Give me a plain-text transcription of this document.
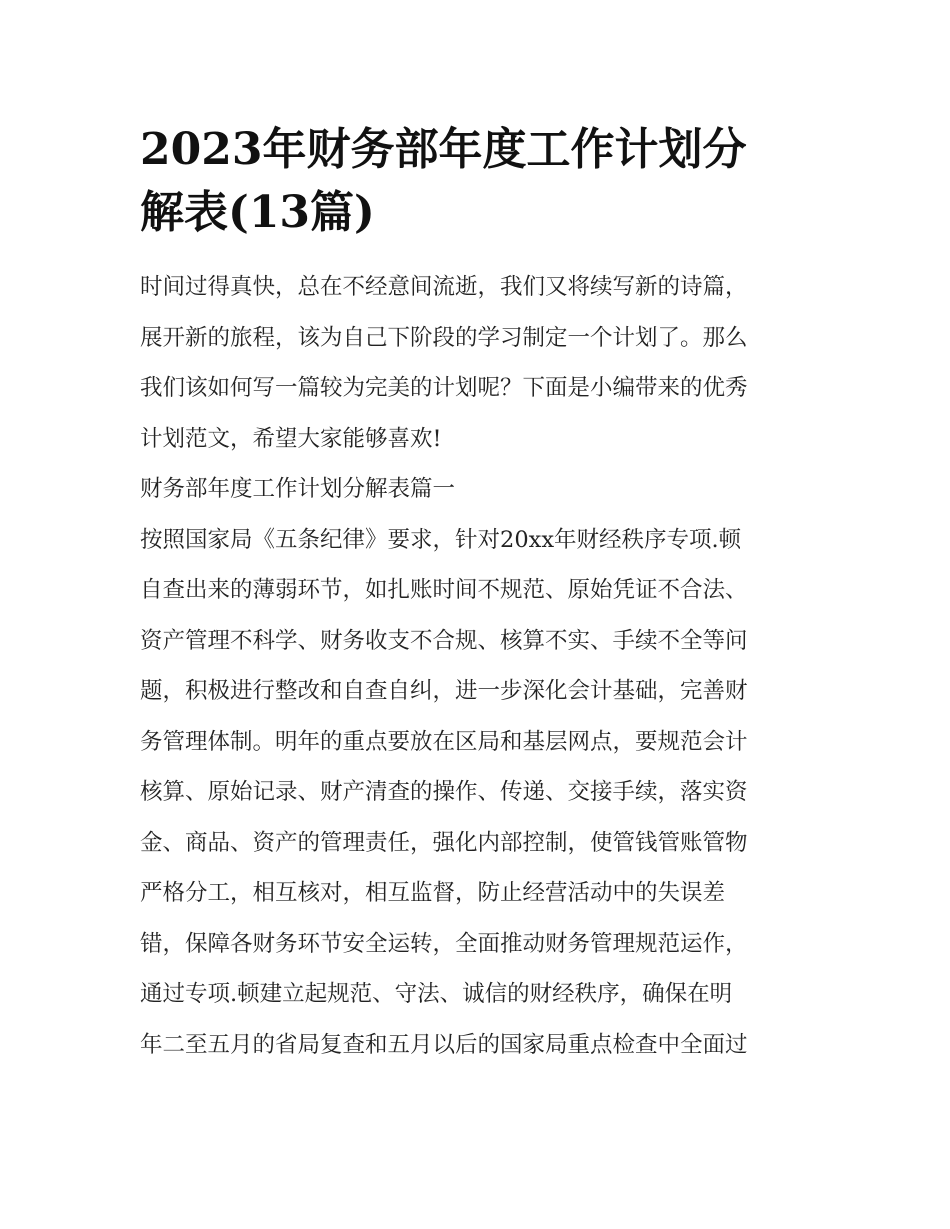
2023年财务部年度工作计划分
解表(13篇)
时间过得真快，总在不经意间流逝，我们又将续写新的诗篇，
展开新的旅程，该为自己下阶段的学习制定一个计划了。那么
我们该如何写一篇较为完美的计划呢？下面是小编带来的优秀
计划范文，希望大家能够喜欢!
财务部年度工作计划分解表篇一
按照国家局《五条纪律》要求，针对20xx年财经秩序专项.顿
自查出来的薄弱环节，如扎账时间不规范、原始凭证不合法、
资产管理不科学、财务收支不合规、核算不实、手续不全等问
题，积极进行整改和自查自纠，进一步深化会计基础，完善财
务管理体制。明年的重点要放在区局和基层网点，要规范会计
核算、原始记录、财产清查的操作、传递、交接手续，落实资
金、商品、资产的管理责任，强化内部控制，使管钱管账管物
严格分工，相互核对，相互监督，防止经营活动中的失误差
错，保障各财务环节安全运转，全面推动财务管理规范运作，
通过专项.顿建立起规范、守法、诚信的财经秩序，确保在明
年二至五月的省局复查和五月以后的国家局重点检查中全面过
